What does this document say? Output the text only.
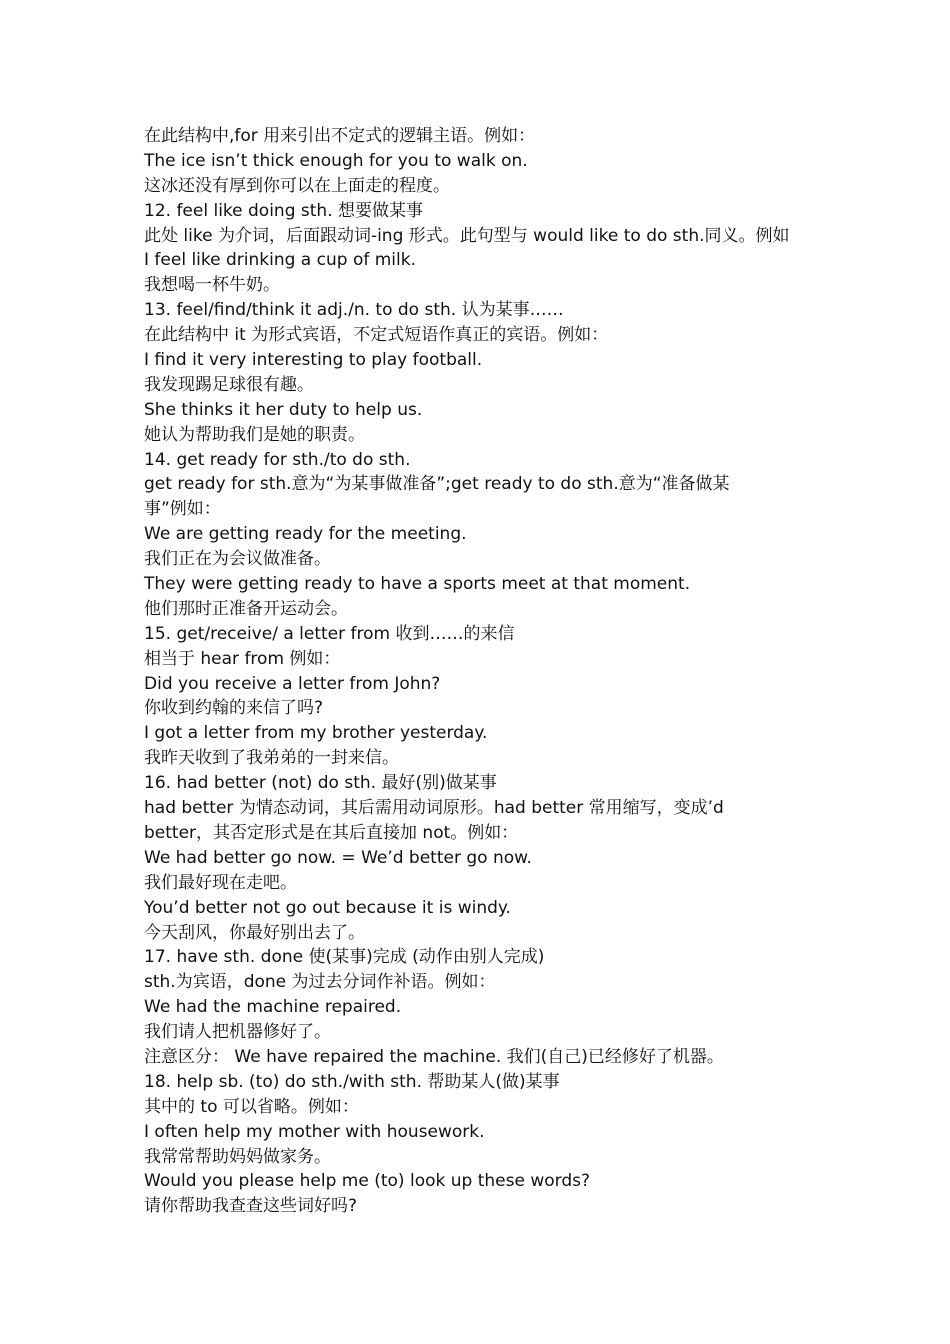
在此结构中,for 用来引出不定式的逻辑主语。例如：

The ice isn’t thick enough for you to walk on.

这冰还没有厚到你可以在上面走的程度。

12. feel like doing sth. 想要做某事

此处 like 为介词，后面跟动词-ing 形式。此句型与 would like to do sth.同义。例如

I feel like drinking a cup of milk.

我想喝一杯牛奶。

13. feel/find/think it adj./n. to do sth. 认为某事……

在此结构中 it 为形式宾语，不定式短语作真正的宾语。例如：

I find it very interesting to play football.

我发现踢足球很有趣。

She thinks it her duty to help us.

她认为帮助我们是她的职责。

14. get ready for sth./to do sth.

get ready for sth.意为“为某事做准备”;get ready to do sth.意为“准备做某

事”例如：

We are getting ready for the meeting.

我们正在为会议做准备。

They were getting ready to have a sports meet at that moment.

他们那时正准备开运动会。

15. get/receive/ a letter from 收到……的来信

相当于 hear from 例如：

Did you receive a letter from John?

你收到约翰的来信了吗?

I got a letter from my brother yesterday.

我昨天收到了我弟弟的一封来信。

16. had better (not) do sth. 最好(别)做某事

had better 为情态动词，其后需用动词原形。had better 常用缩写，变成’d

better，其否定形式是在其后直接加 not。例如：

We had better go now. = We’d better go now.

我们最好现在走吧。

You’d better not go out because it is windy.

今天刮风，你最好别出去了。

17. have sth. done 使(某事)完成 (动作由别人完成)

sth.为宾语，done 为过去分词作补语。例如：

We had the machine repaired.

我们请人把机器修好了。

注意区分： We have repaired the machine. 我们(自己)已经修好了机器。

18. help sb. (to) do sth./with sth. 帮助某人(做)某事

其中的 to 可以省略。例如：

I often help my mother with housework.

我常常帮助妈妈做家务。

Would you please help me (to) look up these words?

请你帮助我查查这些词好吗?
